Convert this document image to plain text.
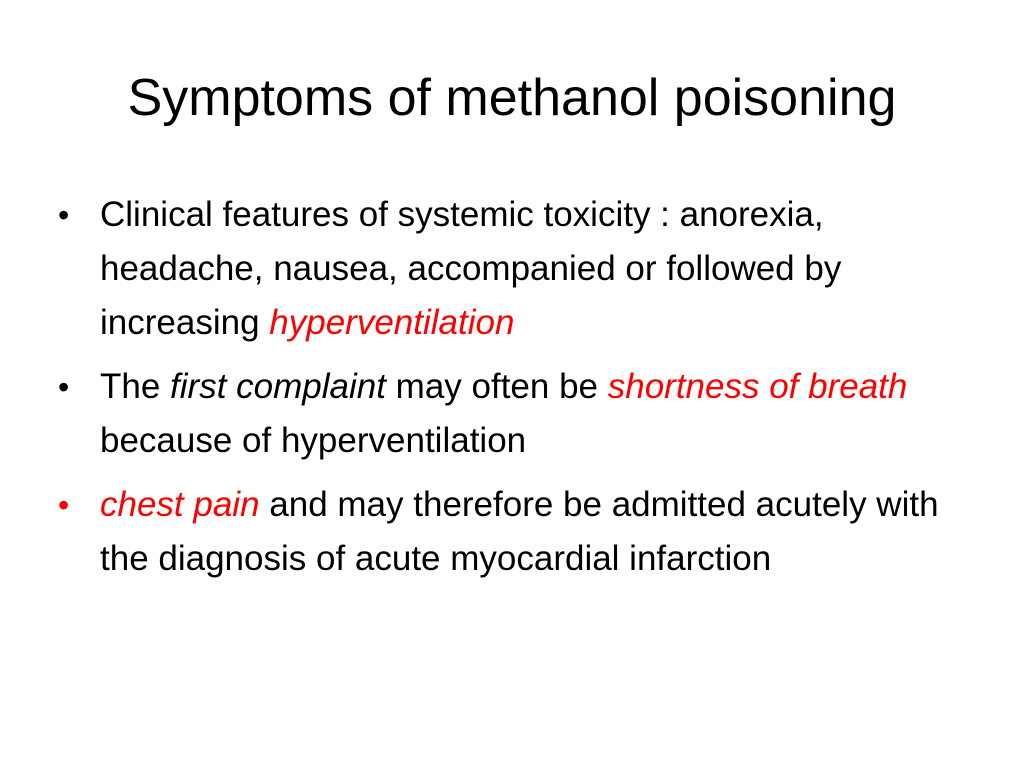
Symptoms of methanol poisoning
• Clinical features of systemic toxicity : anorexia, headache, nausea, accompanied or followed by increasing hyperventilation
• The first complaint may often be shortness of breath because of hyperventilation
• chest pain and may therefore be admitted acutely with the diagnosis of acute myocardial infarction
